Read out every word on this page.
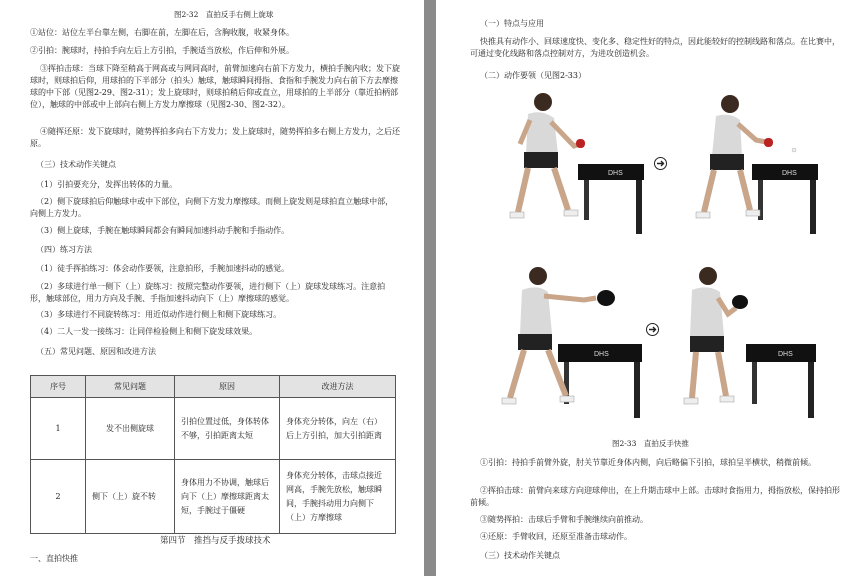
图2-32　直拍反手右侧上旋球
①站位：站位左半台靠左侧，右脚在前，左脚在后，含胸收腹，收紧身体。
②引拍：腕球时，持拍手向左后上方引拍，手腕适当放松，作后伸和外展。
③挥拍击球：当球下降至稍高于网高或与网同高时，前臂加速向右前下方发力，横拍手腕内收；发下旋球时，则球拍后仰，用球拍的下半部分（拍头）触球，触球瞬间拇指、食指和手腕发力向右前下方去摩擦球的中下部（见图2-29、图2-31）；发上旋球时，则球拍稍后仰或直立，用球拍的上半部分（靠近拍柄部位），触球的中部或中上部向右侧上方发力摩擦球（见图2-30、图2-32）。
④随挥还原：发下旋球时，随势挥拍多向右下方发力；发上旋球时，随势挥拍多右侧上方发力，之后还原。
（三）技术动作关键点
（1）引拍要充分，发挥出转体的力量。
（2）侧下旋球拍后仰触球中或中下部位，向侧下方发力摩擦球。而侧上旋发则是球拍直立触球中部，向侧上方发力。
（3）侧上旋球，手腕在触球瞬间都会有瞬间加速抖动手腕和手指动作。
（四）练习方法
（1）徒手挥拍练习：体会动作要领，注意拍形，手腕加速抖动的感觉。
（2）多球进行单一侧下（上）旋练习：按照完整动作要领，进行侧下（上）旋球发球练习。注意拍形，触球部位，用力方向及手腕、手指加速抖动向下（上）摩擦球的感觉。
（3）多球进行不同旋转练习：用近似动作进行侧上和侧下旋球练习。
（4）二人一发一接练习：让同伴检验侧上和侧下旋发球效果。
（五）常见问题、原因和改进方法
序号	常见问题	原因	改进方法
1	发不出侧旋球	引拍位置过低，身体转体不够，引拍距离太短	身体充分转体，向左（右）后上方引拍，加大引拍距离
2	侧下（上）旋不转	身体用力不协调，触球后向下（上）摩擦球距离太短，手腕过于僵硬	身体充分转体，击球点接近网高，手腕先放松，触球瞬间，手腕抖动用力向侧下（上）方摩擦球
第四节　推挡与反手拨球技术
一、直拍快推
（一）特点与应用
快推具有动作小、回球速度快、变化多、稳定性好的特点，因此能较好的控制线路和落点。在比赛中，可通过变化线路和落点控制对方，为进攻创造机会。
（二）动作要领（见图2-33）
DHS	DHS
DHS	DHS
图2-33　直拍反手快推
①引拍：持拍手前臂外旋，肘关节靠近身体内侧，向后略偏下引拍，球拍呈半横状，稍微前倾。
②挥拍击球：前臂向来球方向迎球伸出，在上升期击球中上部。击球时食指用力，拇指放松，保持拍形前倾。
③随势挥拍：击球后手臂和手腕继续向前推动。
④还原：手臂收回，还原至准备击球动作。
（三）技术动作关键点
